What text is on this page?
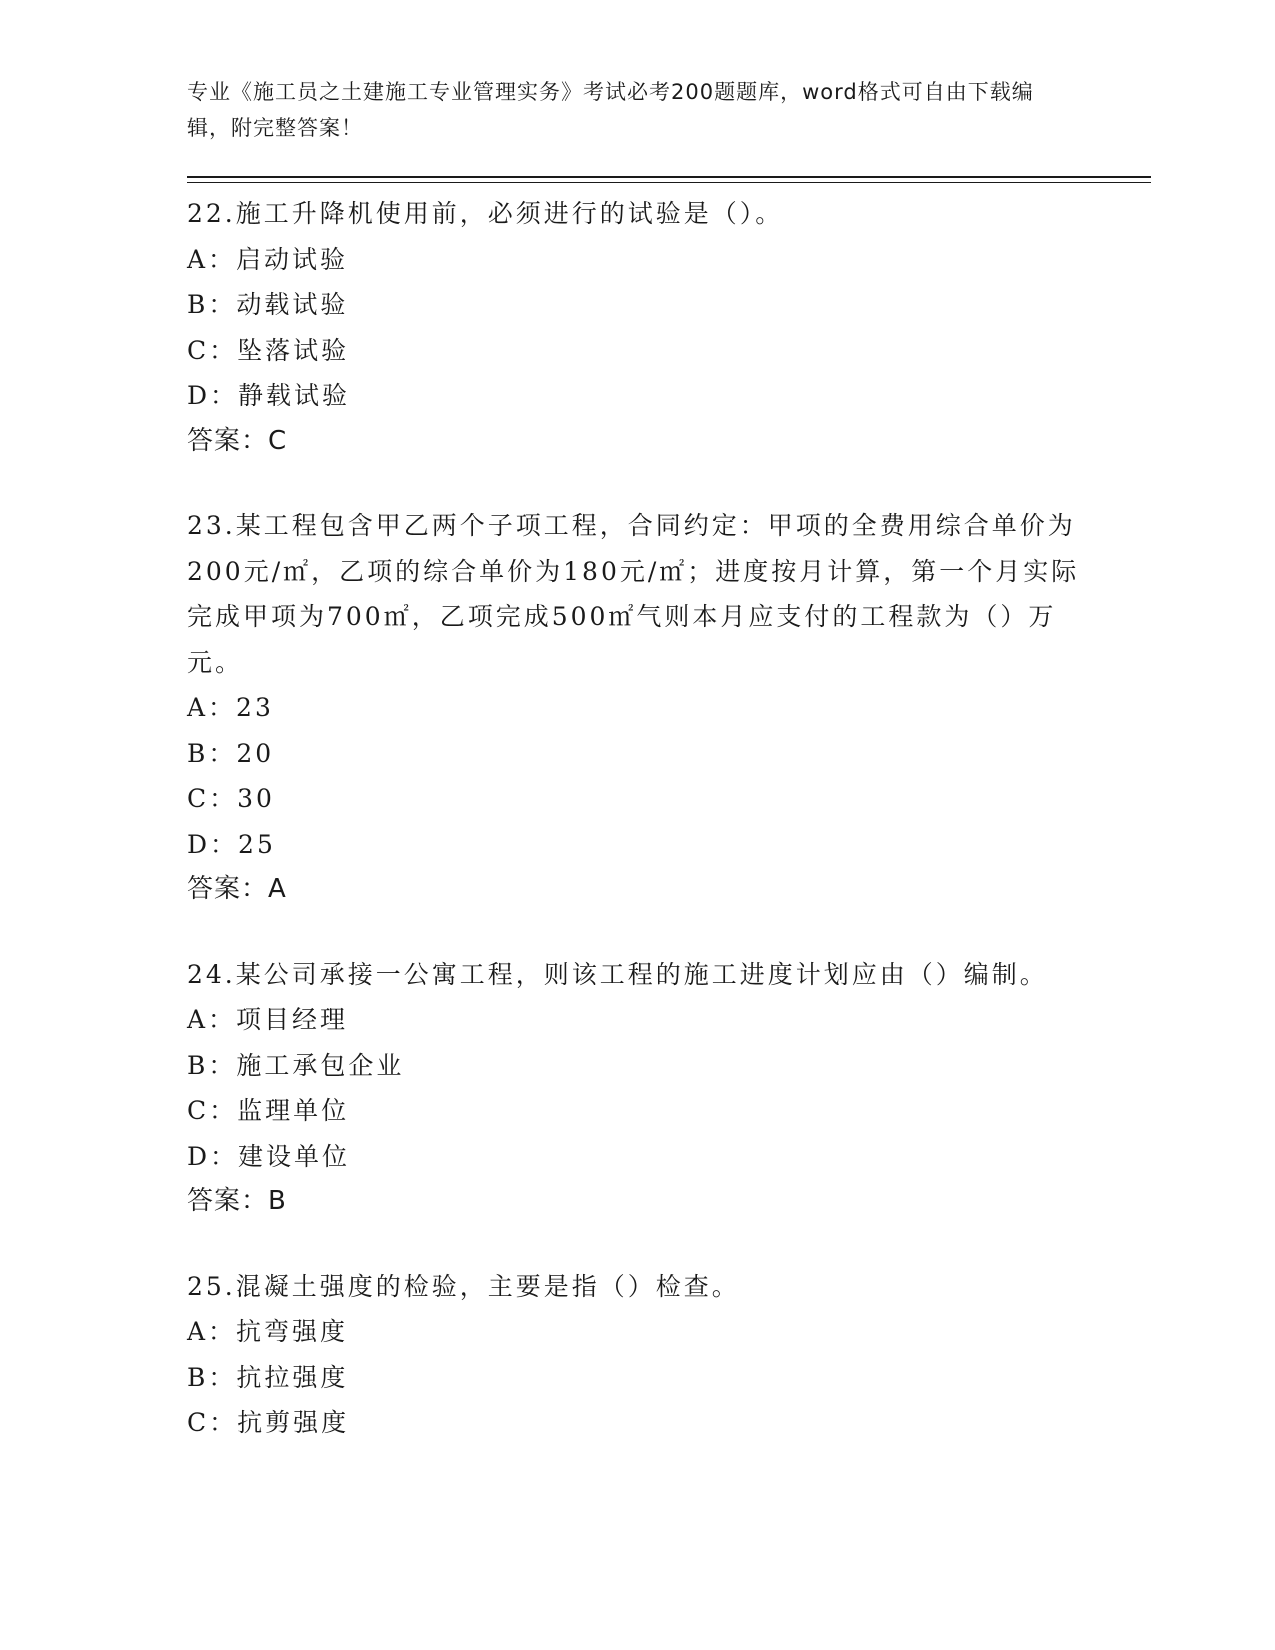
专业《施工员之土建施工专业管理实务》考试必考200题题库，word格式可自由下载编辑，附完整答案！
22.施工升降机使用前，必须进行的试验是（）。
A：启动试验
B：动载试验
C：坠落试验
D：静载试验
答案：C
23.某工程包含甲乙两个子项工程，合同约定：甲项的全费用综合单价为200元/㎡，乙项的综合单价为180元/㎡；进度按月计算，第一个月实际完成甲项为700㎡，乙项完成500㎡气则本月应支付的工程款为（）万元。
A：23
B：20
C：30
D：25
答案：A
24.某公司承接一公寓工程，则该工程的施工进度计划应由（）编制。
A：项目经理
B：施工承包企业
C：监理单位
D：建设单位
答案：B
25.混凝土强度的检验，主要是指（）检查。
A：抗弯强度
B：抗拉强度
C：抗剪强度
